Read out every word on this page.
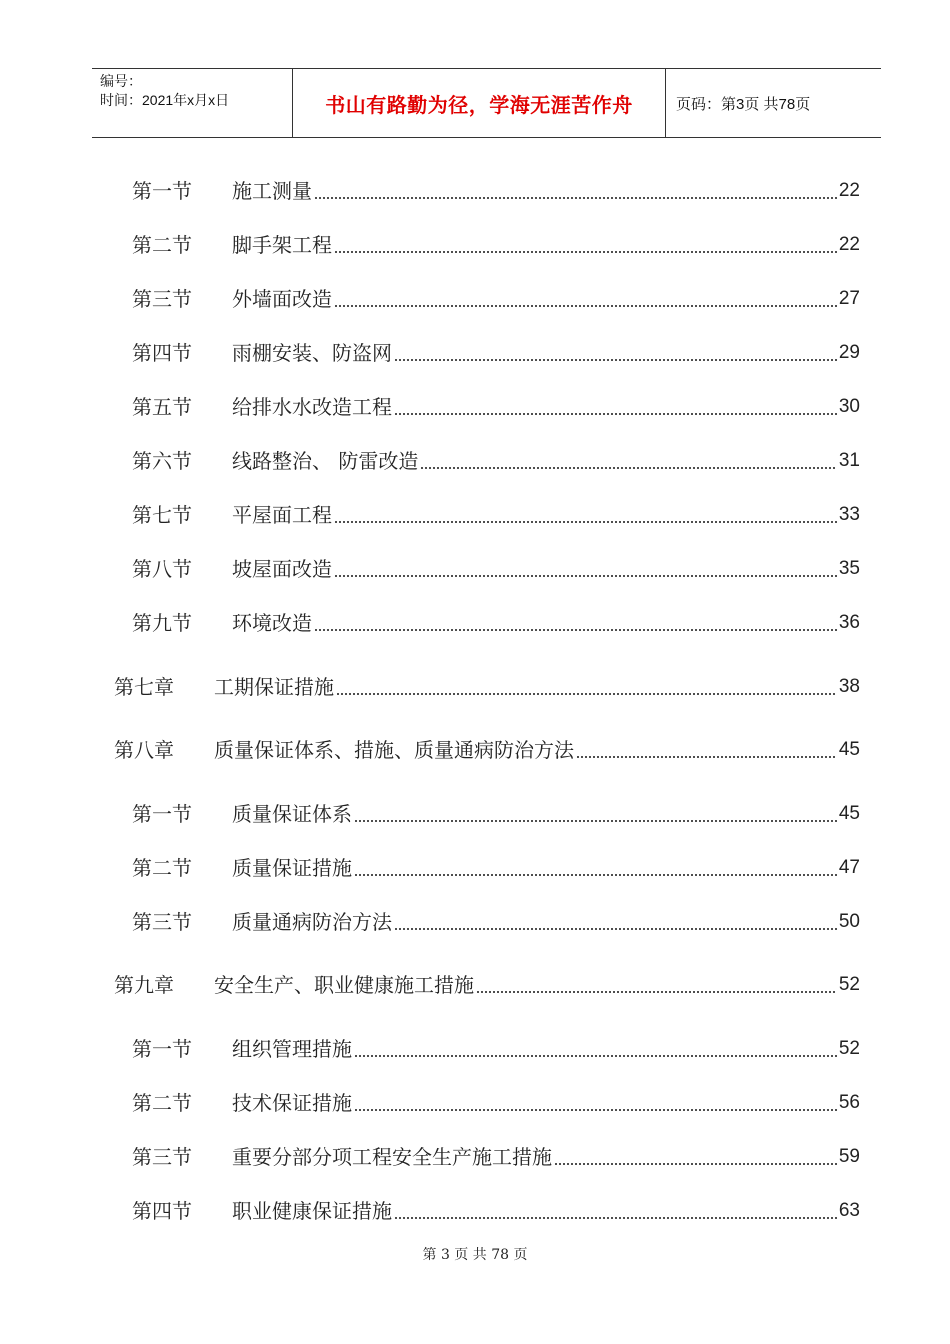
编号：
时间：2021年x月x日	书山有路勤为径，学海无涯苦作舟	页码：第3页 共78页
第一节	施工测量	22
第二节	脚手架工程	22
第三节	外墙面改造	27
第四节	雨棚安装、防盗网	29
第五节	给排水水改造工程	30
第六节	线路整治、 防雷改造	31
第七节	平屋面工程	33
第八节	坡屋面改造	35
第九节	环境改造	36
第七章	工期保证措施	38
第八章	质量保证体系、措施、质量通病防治方法	45
第一节	质量保证体系	45
第二节	质量保证措施	47
第三节	质量通病防治方法	50
第九章	安全生产、职业健康施工措施	52
第一节	组织管理措施	52
第二节	技术保证措施	56
第三节	重要分部分项工程安全生产施工措施	59
第四节	职业健康保证措施	63
第 3 页 共 78 页
